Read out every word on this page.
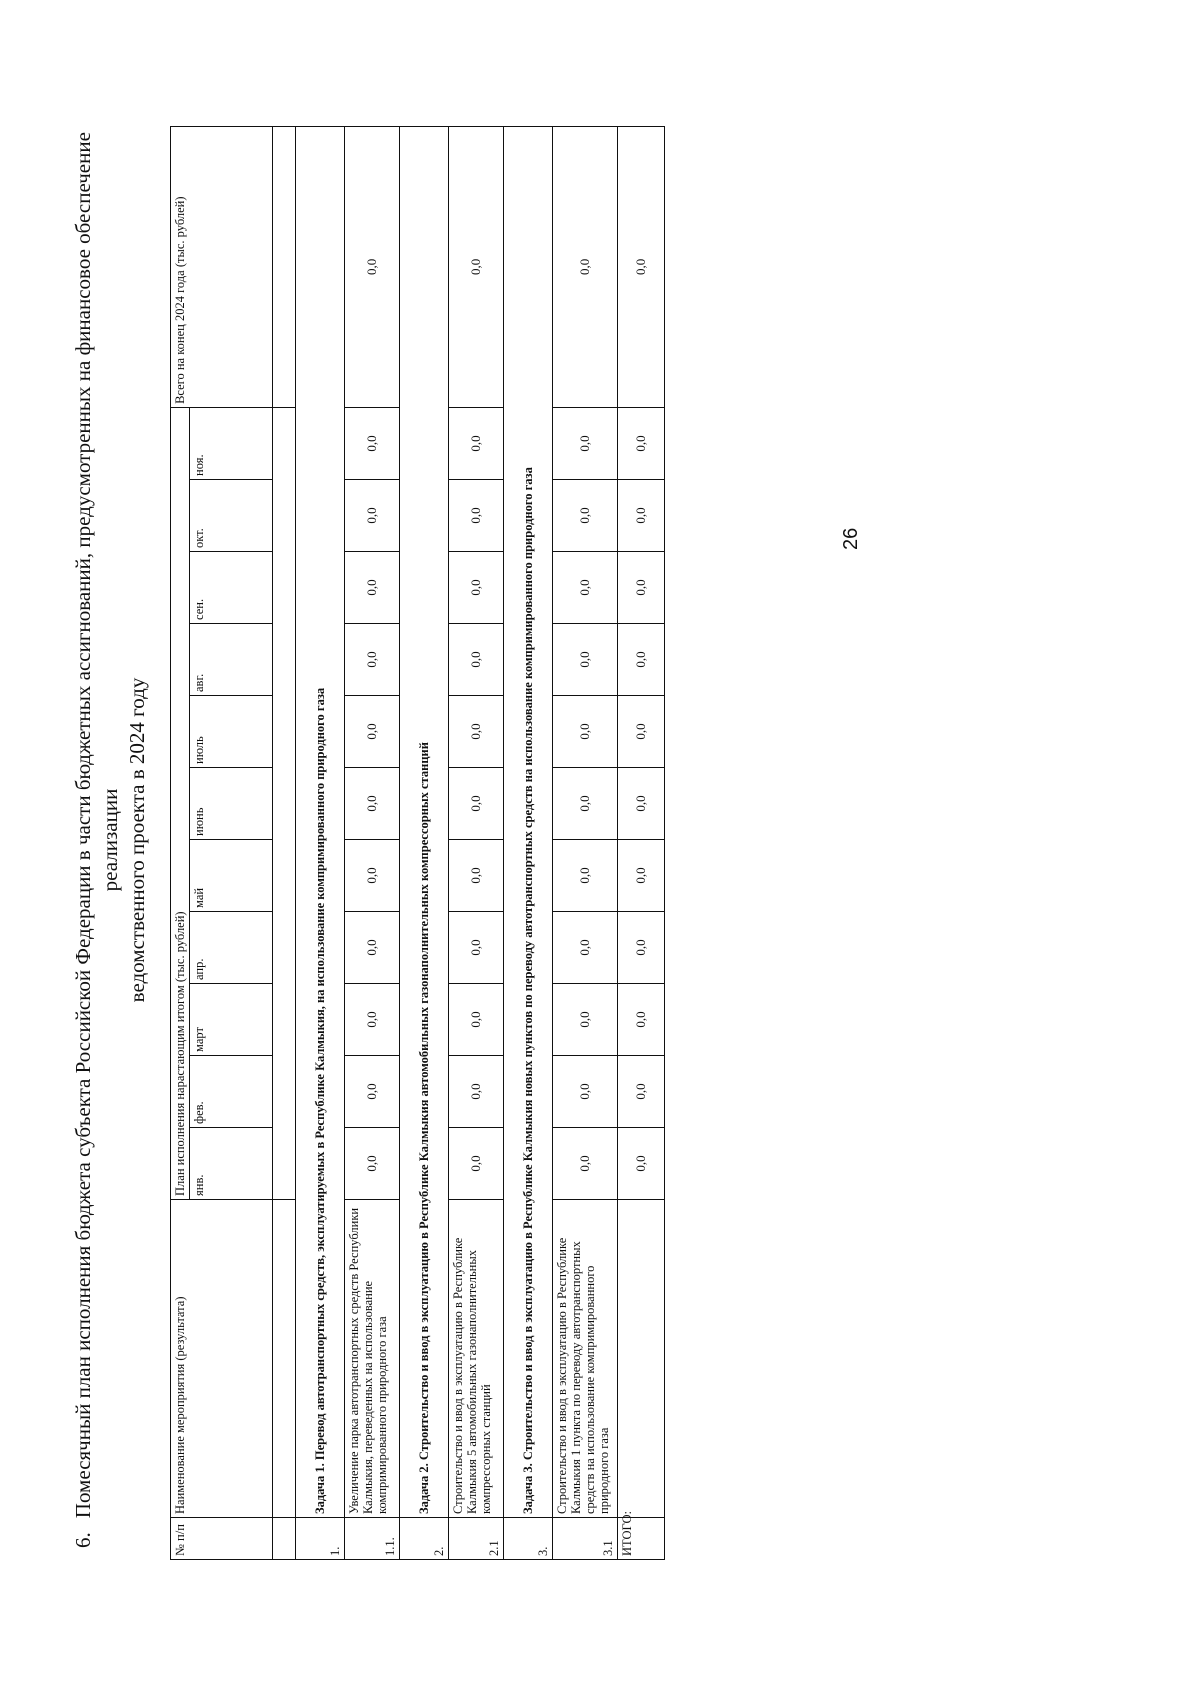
6.Помесячный план исполнения бюджета субъекта Российской Федерации в части бюджетных ассигнований, предусмотренных на финансовое обеспечение реализации ведомственного проекта в 2024 году
№ п/п	Наименование мероприятия (результата)	План исполнения нарастающим итогом (тыс. рублей)											Всего на конец 2024 года (тыс. рублей)
		янв.	фев.	март	апр.	май	июнь	июль	авг.	сен.	окт.	ноя.	

1.	Задача 1. Перевод автотранспортных средств, эксплуатируемых в Республике Калмыкия, на использование компримированного природного газа												
1.1.	Увеличение парка автотранспортных средств Республики Калмыкия, переведенных на использование компримированного природного газа	0,0	0,0	0,0	0,0	0,0	0,0	0,0	0,0	0,0	0,0	0,0	0,0
2.	Задача 2. Строительство и ввод в эксплуатацию в Республике Калмыкия автомобильных газонаполнительных компрессорных станций												
2.1	Строительство и ввод в эксплуатацию в Республике Калмыкия 5 автомобильных газонаполнительных компрессорных станций	0,0	0,0	0,0	0,0	0,0	0,0	0,0	0,0	0,0	0,0	0,0	0,0
3.	Задача 3. Строительство и ввод в эксплуатацию в Республике Калмыкия новых пунктов по переводу автотранспортных средств на использование компримированного природного газа												
3.1	Строительство и ввод в эксплуатацию в Республике Калмыкия 1 пункта по переводу автотранспортных средств на использование компримированного природного газа	0,0	0,0	0,0	0,0	0,0	0,0	0,0	0,0	0,0	0,0	0,0	0,0
ИТОГО:		0,0	0,0	0,0	0,0	0,0	0,0	0,0	0,0	0,0	0,0	0,0	0,0
26
